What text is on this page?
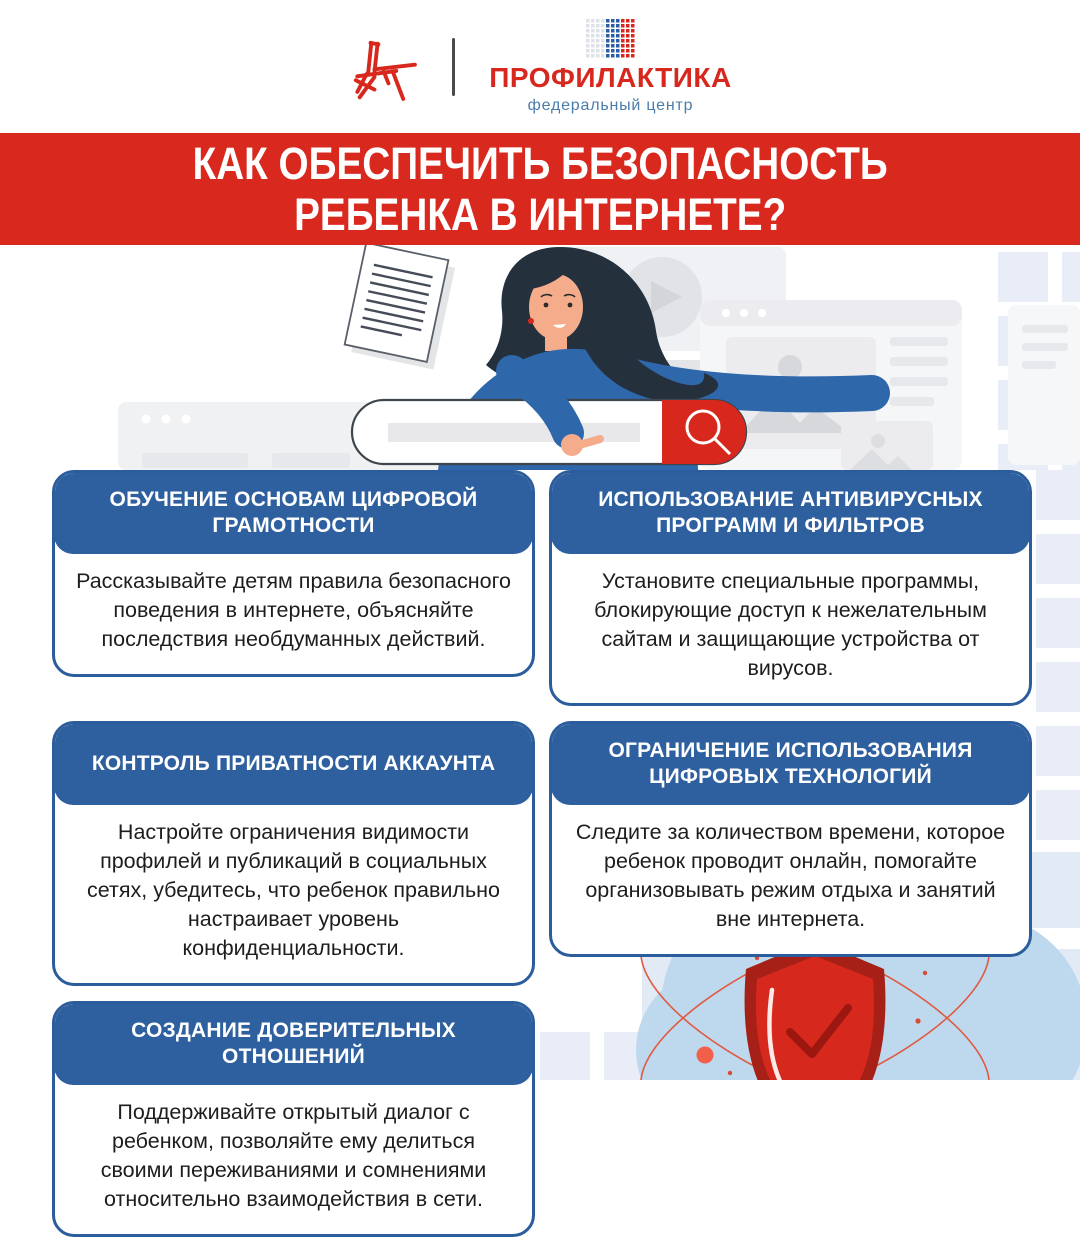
ПРОФИЛАКТИКА
федеральный центр
КАК ОБЕСПЕЧИТЬ БЕЗОПАСНОСТЬ
РЕБЕНКА В ИНТЕРНЕТЕ?
ОБУЧЕНИЕ ОСНОВАМ ЦИФРОВОЙ ГРАМОТНОСТИ
Рассказывайте детям правила безопасного поведения в интернете, объясняйте последствия необдуманных действий.
ИСПОЛЬЗОВАНИЕ АНТИВИРУСНЫХ ПРОГРАММ И ФИЛЬТРОВ
Установите специальные программы, блокирующие доступ к нежелательным сайтам и защищающие устройства от вирусов.
КОНТРОЛЬ ПРИВАТНОСТИ АККАУНТА
Настройте ограничения видимости профилей и публикаций в социальных сетях, убедитесь, что ребенок правильно настраивает уровень конфиденциальности.
ОГРАНИЧЕНИЕ ИСПОЛЬЗОВАНИЯ ЦИФРОВЫХ ТЕХНОЛОГИЙ
Следите за количеством времени, которое ребенок проводит онлайн, помогайте организовывать режим отдыха и занятий вне интернета.
СОЗДАНИЕ ДОВЕРИТЕЛЬНЫХ ОТНОШЕНИЙ
Поддерживайте открытый диалог с ребенком, позволяйте ему делиться своими переживаниями и сомнениями относительно взаимодействия в сети.
